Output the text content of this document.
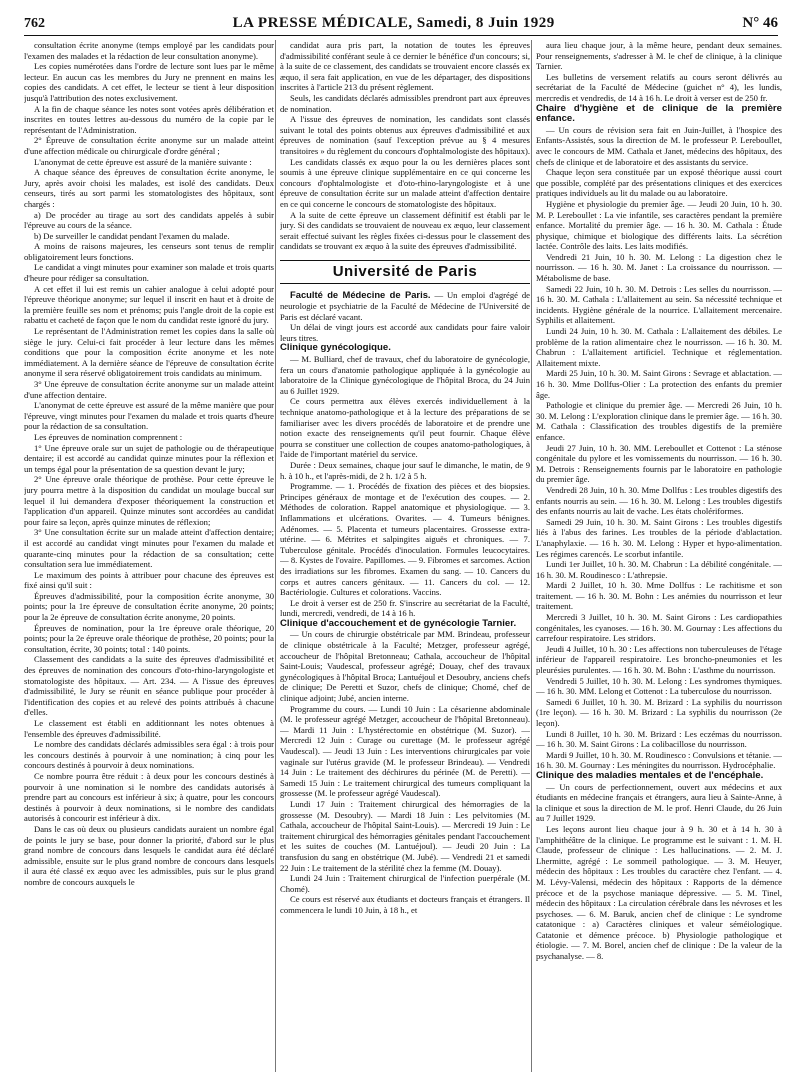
762	LA PRESSE MÉDICALE, Samedi, 8 Juin 1929	N° 46

consultation écrite anonyme (temps employé par les candidats pour l'examen des malades et la rédaction de leur consultation anonyme).

Les copies numérotées dans l'ordre de lecture sont lues par le même lecteur. En aucun cas les membres du Jury ne prennent en mains les copies des candidats. A cet effet, le lecteur se tient à leur disposition jusqu'à l'attribution des notes exclusivement.

A la fin de chaque séance les notes sont votées après délibération et inscrites en toutes lettres au-dessous du numéro de la copie par le représentant de l'Administration.

2° Épreuve de consultation écrite anonyme sur un malade atteint d'une affection médicale ou chirurgicale d'ordre général ;

L'anonymat de cette épreuve est assuré de la manière suivante :

A chaque séance des épreuves de consultation écrite anonyme, le Jury, après avoir choisi les malades, est isolé des candidats. Deux censeurs, tirés au sort parmi les stomatologistes des hôpitaux, sont chargés :

a) De procéder au tirage au sort des candidats appelés à subir l'épreuve au cours de la séance.

b) De surveiller le candidat pendant l'examen du malade.

A moins de raisons majeures, les censeurs sont tenus de remplir obligatoirement leurs fonctions.

Le candidat a vingt minutes pour examiner son malade et trois quarts d'heure pour rédiger sa consultation.

A cet effet il lui est remis un cahier analogue à celui adopté pour l'épreuve théorique anonyme; sur lequel il inscrit en haut et à droite de la première feuille ses nom et prénoms; puis l'angle droit de la copie est rabattu et cacheté de façon que le nom du candidat reste ignoré du jury.

Le représentant de l'Administration remet les copies dans la salle où siège le jury. Celui-ci fait procéder à leur lecture dans les mêmes conditions que pour la composition écrite anonyme et les note immédiatement. A la dernière séance de l'épreuve de consultation écrite anonyme il sera réservé obligatoirement trois candidats au minimum.

3° Une épreuve de consultation écrite anonyme sur un malade atteint d'une affection dentaire.

L'anonymat de cette épreuve est assuré de la même manière que pour l'épreuve, vingt minutes pour l'examen du malade et trois quarts d'heure pour la rédaction de sa consultation.

Les épreuves de nomination comprennent :

1° Une épreuve orale sur un sujet de pathologie ou de thérapeutique dentaire; il est accordé au candidat quinze minutes pour la réflexion et un temps égal pour la présentation de sa question devant le jury;

2° Une épreuve orale théorique de prothèse. Pour cette épreuve le jury pourra mettre à la disposition du candidat un moulage buccal sur lequel il lui demandera d'exposer théoriquement la construction et l'application d'un appareil. Quinze minutes sont accordées au candidat pour faire sa leçon, après quinze minutes de réflexion;

3° Une consultation écrite sur un malade atteint d'affection dentaire; il est accordé au candidat vingt minutes pour l'examen du malade et quarante-cinq minutes pour la rédaction de sa consultation; cette consultation sera lue immédiatement.

Le maximum des points à attribuer pour chacune des épreuves est fixé ainsi qu'il suit :

Épreuves d'admissibilité, pour la composition écrite anonyme, 30 points; pour la 1re épreuve de consultation écrite anonyme, 20 points; pour la 2e épreuve de consultation écrite anonyme, 20 points.

Épreuves de nomination, pour la 1re épreuve orale théorique, 20 points; pour la 2e épreuve orale théorique de prothèse, 20 points; pour la consultation, écrite, 30 points; total : 140 points.

Classement des candidats a la suite des épreuves d'admissibilité et des épreuves de nomination des concours d'oto-rhino-laryngologiste et stomatologiste des hôpitaux. — Art. 234. — A l'issue des épreuves d'admissibilité, le Jury se réunit en séance publique pour procéder à l'identification des copies et au relevé des points attribués à chacune d'elles.

Le classement est établi en additionnant les notes obtenues à l'ensemble des épreuves d'admissibilité.

Le nombre des candidats déclarés admissibles sera égal : à trois pour les concours destinés à pourvoir à une nomination; à cinq pour les concours destinés à pourvoir à deux nominations.

Ce nombre pourra être réduit : à deux pour les concours destinés à pourvoir à une nomination si le nombre des candidats autorisés à prendre part au concours est inférieur à six; à quatre, pour les concours destinés à pourvoir à deux nominations, si le nombre des candidats autorisés à concourir est inférieur à dix.

Dans le cas où deux ou plusieurs candidats auraient un nombre égal de points le jury se base, pour donner la priorité, d'abord sur le plus grand nombre de concours dans lesquels le candidat aura été déclaré admissible, ensuite sur le plus grand nombre de concours dans lesquels il aura été classé ex æquo avec les admissibles, puis sur le plus grand nombre de concours auxquels le

candidat aura pris part, la notation de toutes les épreuves d'admissibilité conférant seule à ce dernier le bénéfice d'un concours; si, à la suite de ce classement, des candidats se trouvaient encore classés ex æquo, il sera fait application, en vue de les départager, des dispositions inscrites à l'article 213 du présent règlement.

Seuls, les candidats déclarés admissibles prendront part aux épreuves de nomination.

A l'issue des épreuves de nomination, les candidats sont classés suivant le total des points obtenus aux épreuves d'admissibilité et aux épreuves de nomination (sauf l'exception prévue au § 4 mesures transitoires » du règlement du concours d'ophtalmologiste des hôpitaux).

Les candidats classés ex æquo pour la ou les dernières places sont soumis à une épreuve clinique supplémentaire en ce qui concerne les concours d'ophtalmologiste et d'oto-rhino-laryngologiste et à une épreuve de consultation écrite sur un malade atteint d'affection dentaire en ce qui concerne le concours de stomatologiste des hôpitaux.

A la suite de cette épreuve un classement définitif est établi par le jury. Si des candidats se trouvaient de nouveau ex æquo, leur classement serait effectué suivant les règles fixées ci-dessus pour le classement des candidats se trouvant ex æquo à la suite des épreuves d'admissibilité.

Université de Paris

Faculté de Médecine de Paris. — Un emploi d'agrégé de neurologie et psychiatrie de la Faculté de Médecine de l'Université de Paris est déclaré vacant.

Un délai de vingt jours est accordé aux candidats pour faire valoir leurs titres.

Clinique gynécologique.

— M. Bulliard, chef de travaux, chef du laboratoire de gynécologie, fera un cours d'anatomie pathologique appliquée à la gynécologie au laboratoire de la Clinique gynécologique de l'hôpital Broca, du 24 Juin au 6 Juillet 1929.

Ce cours permettra aux élèves exercés individuellement à la technique anatomo-pathologique et à la lecture des préparations de se familiariser avec les divers procédés de laboratoire et de prendre une notion exacte des renseignements qu'il peut fournir. Chaque élève pourra se constituer une collection de coupes anatomo-pathologiques, à l'aide de l'important matériel du service.

Durée : Deux semaines, chaque jour sauf le dimanche, le matin, de 9 h. à 10 h., et l'après-midi, de 2 h. 1/2 à 5 h.

Programme. — 1. Procédés de fixation des pièces et des biopsies. Principes généraux de montage et de l'exécution des coupes. — 2. Méthodes de coloration. Rappel anatomique et physiologique. — 3. Inflammations et ulcérations. Ovarites. — 4. Tumeurs bénignes. Adénomes. — 5. Placenta et tumeurs placentaires. Grossesse extra-utérine. — 6. Métrites et salpingites aiguës et chroniques. — 7. Tuberculose génitale. Procédés d'inoculation. Formules leucocytaires. — 8. Kystes de l'ovaire. Papillomes. — 9. Fibromes et sarcomes. Action des irradiations sur les fibromes. Examen du sang. — 10. Cancers du corps et autres cancers génitaux. — 11. Cancers du col. — 12. Bactériologie. Cultures et colorations. Vaccins.

Le droit à verser est de 250 fr. S'inscrire au secrétariat de la Faculté, lundi, mercredi, vendredi, de 14 à 16 h.

Clinique d'accouchement et de gynécologie Tarnier.

— Un cours de chirurgie obstétricale par MM. Brindeau, professeur de clinique obstétricale à la Faculté; Metzger, professeur agrégé, accoucheur de l'hôpital Bretonneau; Cathala, accoucheur de l'hôpital Saint-Louis; Vaudescal, professeur agrégé; Douay, chef des travaux gynécologiques à l'hôpital Broca; Lantuéjoul et Desoubry, anciens chefs de clinique; De Peretti et Suzor, chefs de clinique; Chomé, chef de clinique adjoint; Jubé, ancien interne.

Programme du cours. — Lundi 10 Juin : La césarienne abdominale (M. le professeur agrégé Metzger, accoucheur de l'hôpital Bretonneau). — Mardi 11 Juin : L'hystérectomie en obstétrique (M. Suzor). — Mercredi 12 Juin : Curage ou curettage (M. le professeur agrégé Vaudescal). — Jeudi 13 Juin : Les interventions chirurgicales par voie vaginale sur l'utérus gravide (M. le professeur Brindeau). — Vendredi 14 Juin : Le traitement des déchirures du périnée (M. de Peretti). — Samedi 15 Juin : Le traitement chirurgical des tumeurs compliquant la grossesse (M. le professeur agrégé Vaudescal).

Lundi 17 Juin : Traitement chirurgical des hémorragies de la grossesse (M. Desoubry). — Mardi 18 Juin : Les pelvitomies (M. Cathala, accoucheur de l'hôpital Saint-Louis). — Mercredi 19 Juin : Le traitement chirurgical des hémorragies génitales pendant l'accouchement et les suites de couches (M. Lantuéjoul). — Jeudi 20 Juin : La transfusion du sang en obstétrique (M. Jubé). — Vendredi 21 et samedi 22 Juin : Le traitement de la stérilité chez la femme (M. Douay).

Lundi 24 Juin : Traitement chirurgical de l'infection puerpérale (M. Chomé).

Ce cours est réservé aux étudiants et docteurs français et étrangers. Il commencera le lundi 10 Juin, à 18 h., et

aura lieu chaque jour, à la même heure, pendant deux semaines. Pour renseignements, s'adresser à M. le chef de clinique, à la clinique Tarnier.

Les bulletins de versement relatifs au cours seront délivrés au secrétariat de la Faculté de Médecine (guichet n° 4), les lundis, mercredis et vendredis, de 14 à 16 h. Le droit à verser est de 250 fr.

Chaire d'hygiène et de clinique de la première enfance.

— Un cours de révision sera fait en Juin-Juillet, à l'hospice des Enfants-Assistés, sous la direction de M. le professeur P. Lereboullet, avec le concours de MM. Cathala et Janet, médecins des hôpitaux, des chefs de clinique et de laboratoire et des assistants du service.

Chaque leçon sera constituée par un exposé théorique aussi court que possible, complété par des présentations cliniques et des exercices pratiques individuels au lit du malade ou au laboratoire.

Hygiène et physiologie du premier âge. — Jeudi 20 Juin, 10 h. 30. M. P. Lereboullet : La vie infantile, ses caractères pendant la première enfance. Mortalité du premier âge. — 16 h. 30. M. Cathala : Étude physique, chimique et biologique des différents laits. La sécrétion lactée. Contrôle des laits. Les laits modifiés.

Vendredi 21 Juin, 10 h. 30. M. Lelong : La digestion chez le nourrisson. — 16 h. 30. M. Janet : La croissance du nourrisson. — Métabolisme de base.

Samedi 22 Juin, 10 h. 30. M. Detrois : Les selles du nourrisson. — 16 h. 30. M. Cathala : L'allaitement au sein. Sa nécessité technique et incidents. Hygiène générale de la nourrice. L'allaitement mercenaire. Syphilis et allaitement.

Lundi 24 Juin, 10 h. 30. M. Cathala : L'allaitement des débiles. Le problème de la ration alimentaire chez le nourrisson. — 16 h. 30. M. Chabrun : L'allaitement artificiel. Technique et réglementation. Allaitement mixte.

Mardi 25 Juin, 10 h. 30. M. Saint Girons : Sevrage et ablactation. — 16 h. 30. Mme Dollfus-Olier : La protection des enfants du premier âge.

Pathologie et clinique du premier âge. — Mercredi 26 Juin, 10 h. 30. M. Lelong : L'exploration clinique dans le premier âge. — 16 h. 30. M. Cathala : Classification des troubles digestifs de la première enfance.

Jeudi 27 Juin, 10 h. 30. MM. Lereboullet et Cottenot : La sténose congénitale du pylore et les vomissements du nourrisson. — 16 h. 30. M. Detrois : Renseignements fournis par le laboratoire en pathologie du premier âge.

Vendredi 28 Juin, 10 h. 30. Mme Dollfus : Les troubles digestifs des enfants nourris au sein. — 16 h. 30. M. Lelong : Les troubles digestifs des enfants nourris au lait de vache. Les états cholériformes.

Samedi 29 Juin, 10 h. 30. M. Saint Girons : Les troubles digestifs liés à l'abus des farines. Les troubles de la période d'ablactation. L'anaphylaxie. — 16 h. 30. M. Lelong : Hyper et hypo-alimentation. Les régimes carencés. Le scorbut infantile.

Lundi 1er Juillet, 10 h. 30. M. Chabrun : La débilité congénitale. — 16 h. 30. M. Roudinesco : L'athrepsie.

Mardi 2 Juillet, 10 h. 30. Mme Dollfus : Le rachitisme et son traitement. — 16 h. 30. M. Bohn : Les anémies du nourrisson et leur traitement.

Mercredi 3 Juillet, 10 h. 30. M. Saint Girons : Les cardiopathies congénitales, les cyanoses. — 16 h. 30. M. Gournay : Les affections du carrefour respiratoire. Les stridors.

Jeudi 4 Juillet, 10 h. 30 : Les affections non tuberculeuses de l'étage inférieur de l'appareil respiratoire. Les broncho-pneumonies et les pleurésies purulentes. — 16 h. 30. M. Bohn : L'asthme du nourrisson.

Vendredi 5 Juillet, 10 h. 30. M. Lelong : Les syndromes thymiques. — 16 h. 30. MM. Lelong et Cottenot : La tuberculose du nourrisson.

Samedi 6 Juillet, 10 h. 30. M. Brizard : La syphilis du nourrisson (1re leçon). — 16 h. 30. M. Brizard : La syphilis du nourrisson (2e leçon).

Lundi 8 Juillet, 10 h. 30. M. Brizard : Les eczémas du nourrisson. — 16 h. 30. M. Saint Girons : La colibacillose du nourrisson.

Mardi 9 Juillet, 10 h. 30. M. Roudinesco : Convulsions et tétanie. — 16 h. 30. M. Gournay : Les méningites du nourrisson. Hydrocéphalie.

Clinique des maladies mentales et de l'encéphale.

— Un cours de perfectionnement, ouvert aux médecins et aux étudiants en médecine français et étrangers, aura lieu à Sainte-Anne, à la clinique et sous la direction de M. le prof. Henri Claude, du 26 Juin au 7 Juillet 1929.

Les leçons auront lieu chaque jour à 9 h. 30 et à 14 h. 30 à l'amphithéâtre de la clinique. Le programme est le suivant : 1. M. H. Claude, professeur de clinique : Les hallucinations. — 2. M. J. Lhermitte, agrégé : Le sommeil pathologique. — 3. M. Heuyer, médecin des hôpitaux : Les troubles du caractère chez l'enfant. — 4. M. Lévy-Valensi, médecin des hôpitaux : Rapports de la démence précoce et de la psychose maniaque dépressive. — 5. M. Tinel, médecin des hôpitaux : La circulation cérébrale dans les névroses et les psychoses. — 6. M. Baruk, ancien chef de clinique : Le syndrome catatonique : a) Caractères cliniques et valeur séméiologique. Catatonie et démence précoce. b) Physiologie pathologique et étiologie. — 7. M. Borel, ancien chef de clinique : De la valeur de la psychanalyse. — 8.
